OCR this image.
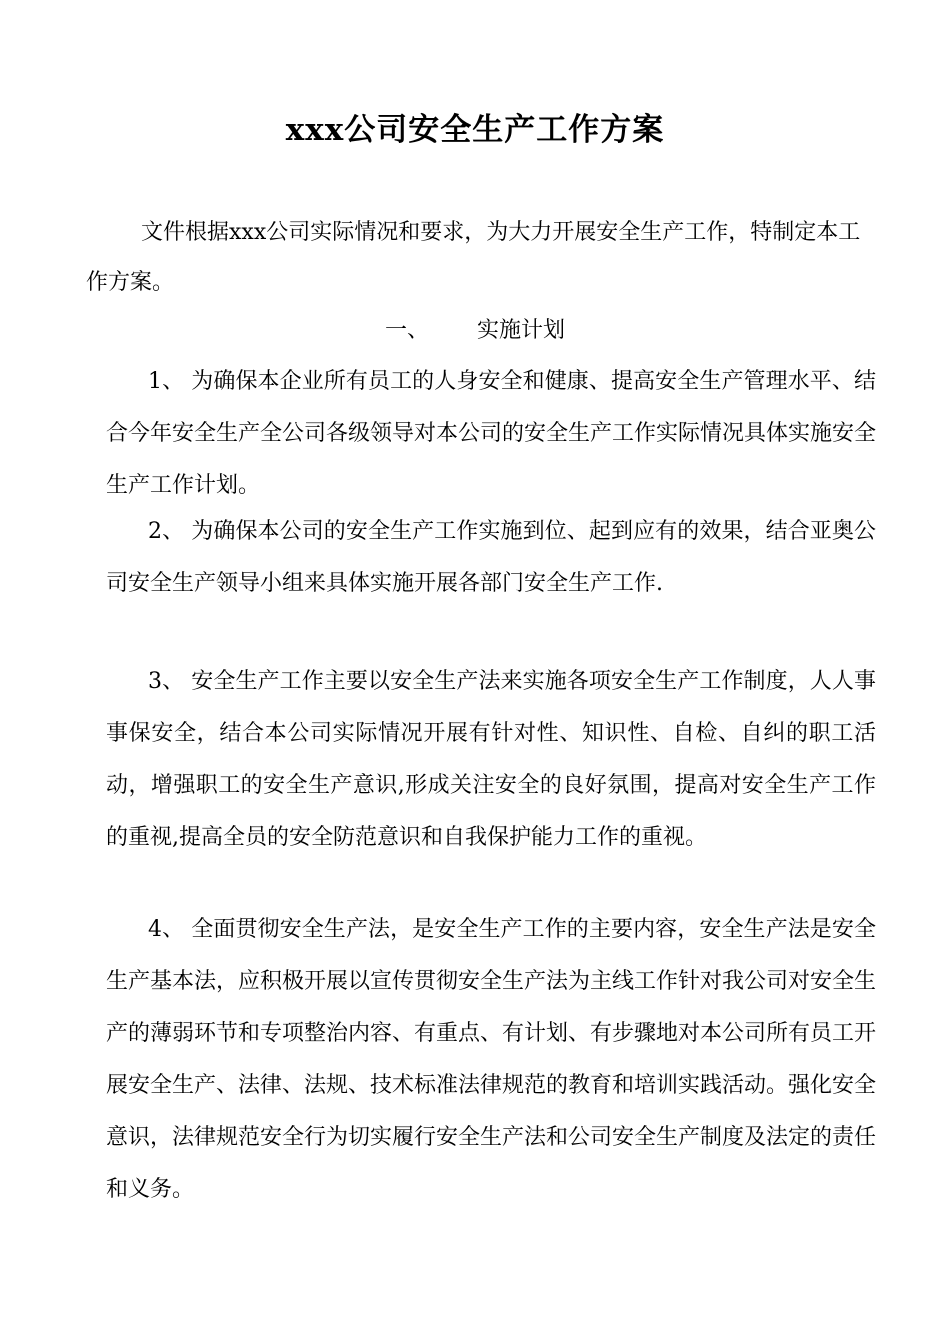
xxx公司安全生产工作方案

文件根据xxx公司实际情况和要求，为大力开展安全生产工作，特制定本工作方案。

一、 实施计划

1、 为确保本企业所有员工的人身安全和健康、提高安全生产管理水平、结合今年安全生产全公司各级领导对本公司的安全生产工作实际情况具体实施安全生产工作计划。

2、 为确保本公司的安全生产工作实施到位、起到应有的效果，结合亚奥公司安全生产领导小组来具体实施开展各部门安全生产工作.

3、 安全生产工作主要以安全生产法来实施各项安全生产工作制度，人人事事保安全，结合本公司实际情况开展有针对性、知识性、自检、自纠的职工活动，增强职工的安全生产意识,形成关注安全的良好氛围，提高对安全生产工作的重视,提高全员的安全防范意识和自我保护能力工作的重视。

4、 全面贯彻安全生产法，是安全生产工作的主要内容，安全生产法是安全生产基本法，应积极开展以宣传贯彻安全生产法为主线工作针对我公司对安全生产的薄弱环节和专项整治内容、有重点、有计划、有步骤地对本公司所有员工开展安全生产、法律、法规、技术标准法律规范的教育和培训实践活动。强化安全意识，法律规范安全行为切实履行安全生产法和公司安全生产制度及法定的责任和义务。
